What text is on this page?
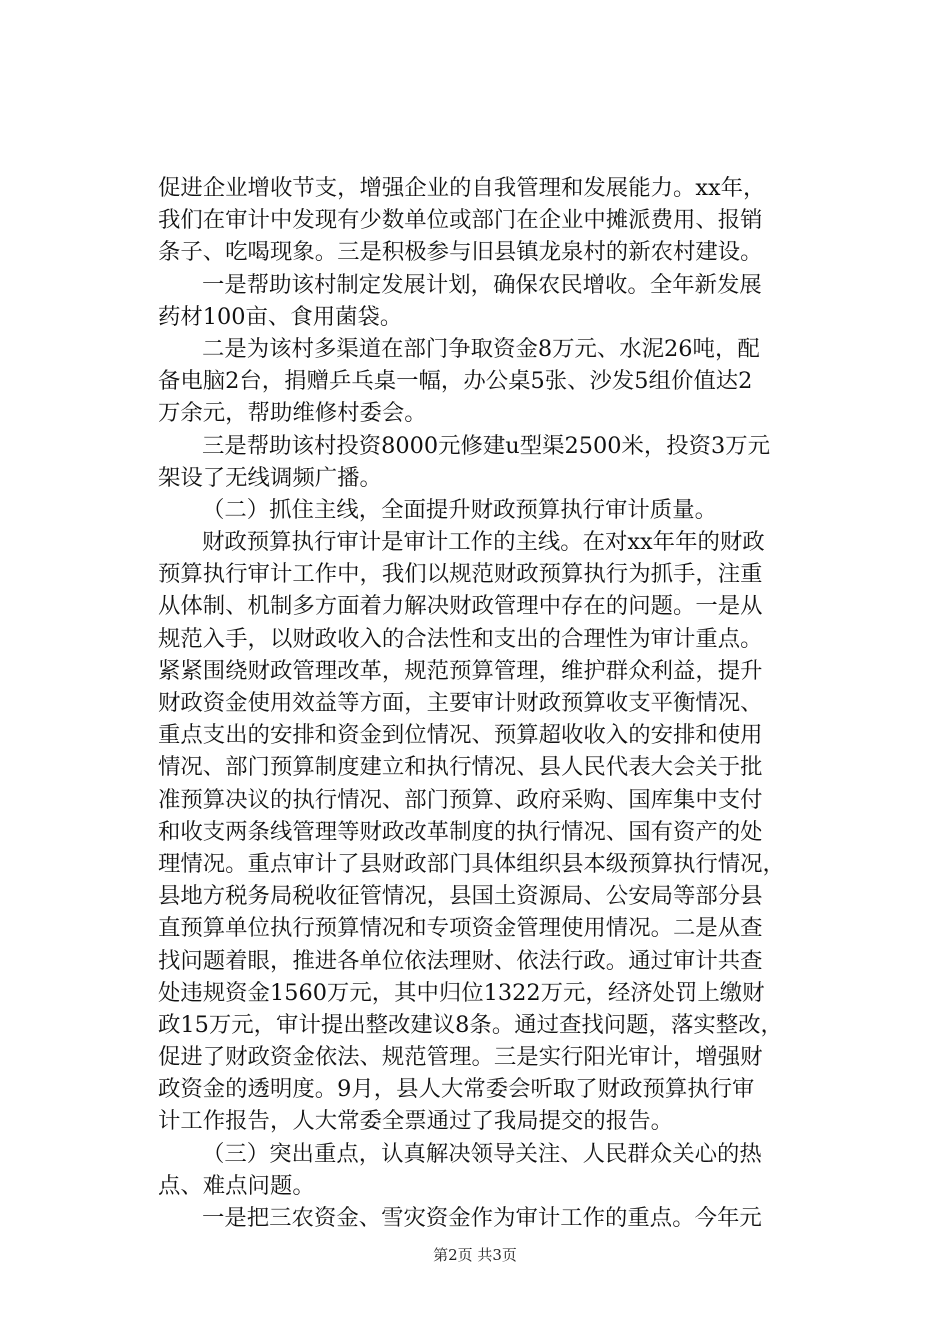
促进企业增收节支，增强企业的自我管理和发展能力。xx年，
我们在审计中发现有少数单位或部门在企业中摊派费用、报销
条子、吃喝现象。三是积极参与旧县镇龙泉村的新农村建设。
一是帮助该村制定发展计划，确保农民增收。全年新发展
药材100亩、食用菌袋。
二是为该村多渠道在部门争取资金8万元、水泥26吨，配
备电脑2台，捐赠乒乓桌一幅，办公桌5张、沙发5组价值达2
万余元，帮助维修村委会。
三是帮助该村投资8000元修建u型渠2500米，投资3万元
架设了无线调频广播。
（二）抓住主线，全面提升财政预算执行审计质量。
财政预算执行审计是审计工作的主线。在对xx年年的财政
预算执行审计工作中，我们以规范财政预算执行为抓手，注重
从体制、机制多方面着力解决财政管理中存在的问题。一是从
规范入手，以财政收入的合法性和支出的合理性为审计重点。
紧紧围绕财政管理改革，规范预算管理，维护群众利益，提升
财政资金使用效益等方面，主要审计财政预算收支平衡情况、
重点支出的安排和资金到位情况、预算超收收入的安排和使用
情况、部门预算制度建立和执行情况、县人民代表大会关于批
准预算决议的执行情况、部门预算、政府采购、国库集中支付
和收支两条线管理等财政改革制度的执行情况、国有资产的处
理情况。重点审计了县财政部门具体组织县本级预算执行情况，
县地方税务局税收征管情况，县国土资源局、公安局等部分县
直预算单位执行预算情况和专项资金管理使用情况。二是从查
找问题着眼，推进各单位依法理财、依法行政。通过审计共查
处违规资金1560万元，其中归位1322万元，经济处罚上缴财
政15万元，审计提出整改建议8条。通过查找问题，落实整改，
促进了财政资金依法、规范管理。三是实行阳光审计，增强财
政资金的透明度。9月，县人大常委会听取了财政预算执行审
计工作报告，人大常委全票通过了我局提交的报告。
（三）突出重点，认真解决领导关注、人民群众关心的热
点、难点问题。
一是把三农资金、雪灾资金作为审计工作的重点。今年元
第2页 共3页
